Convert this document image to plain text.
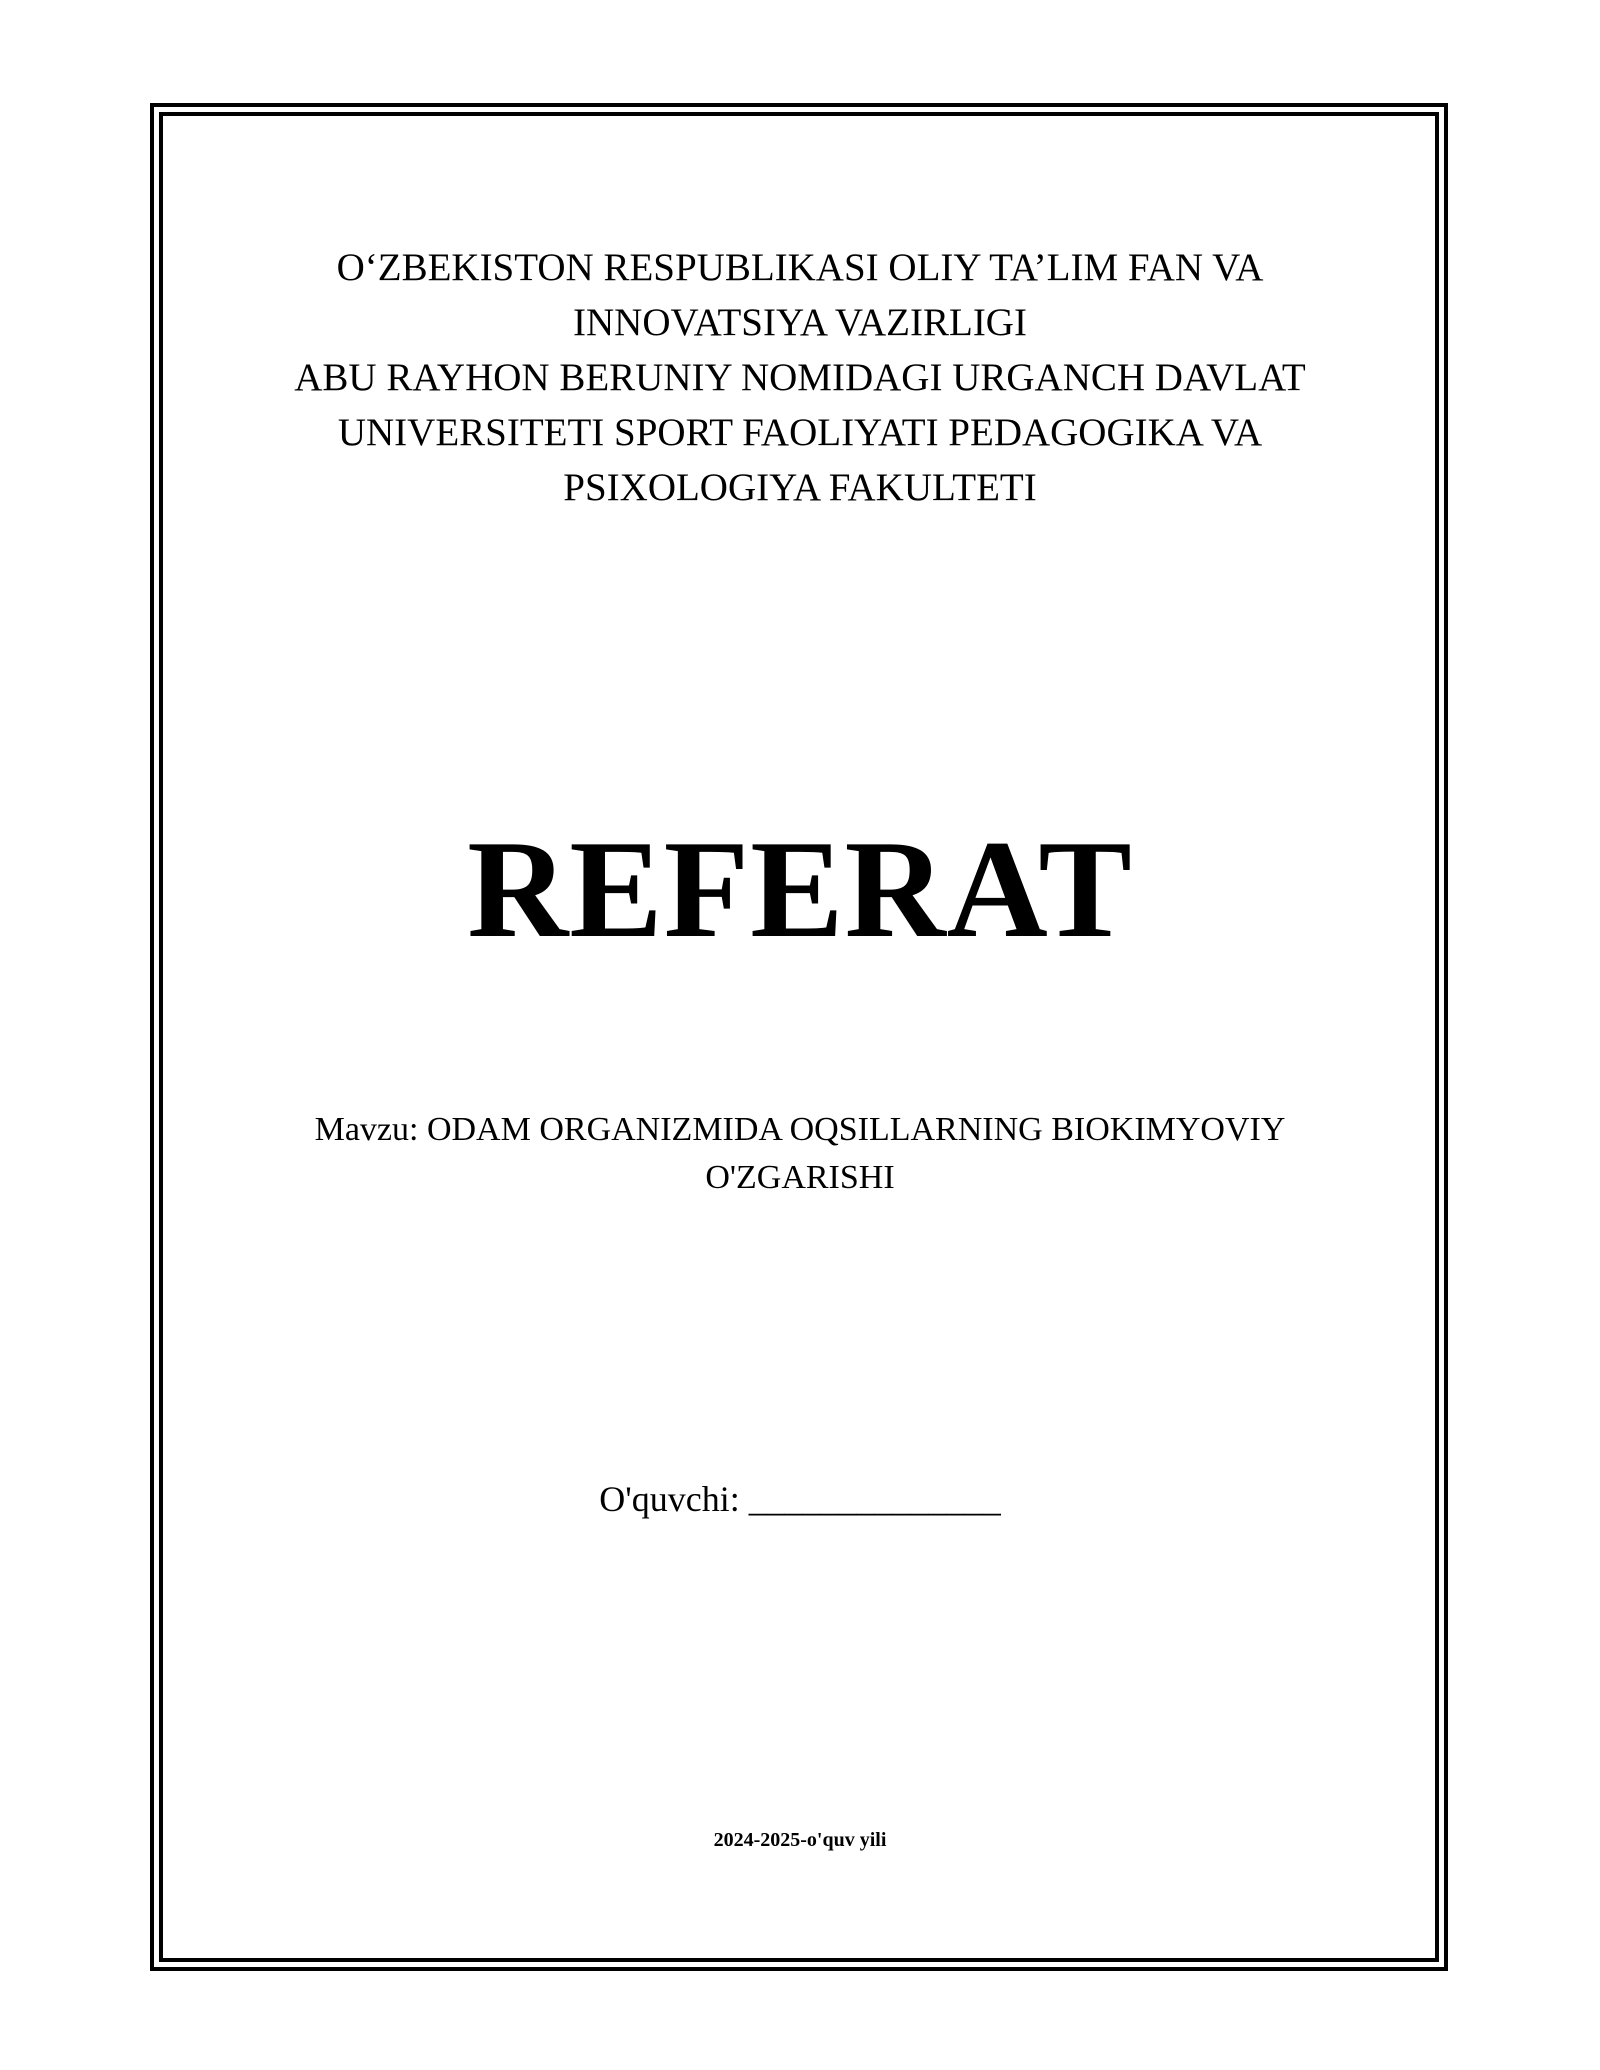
O‘ZBEKISTON RESPUBLIKASI OLIY TA’LIM FAN VA
INNOVATSIYA VAZIRLIGI
ABU RAYHON BERUNIY NOMIDAGI URGANCH DAVLAT
UNIVERSITETI SPORT FAOLIYATI PEDAGOGIKA VA
PSIXOLOGIYA FAKULTETI
REFERAT
Mavzu: ODAM ORGANIZMIDA OQSILLARNING BIOKIMYOVIY
O'ZGARISHI
O'quvchi: ______________
2024-2025-o'quv yili
